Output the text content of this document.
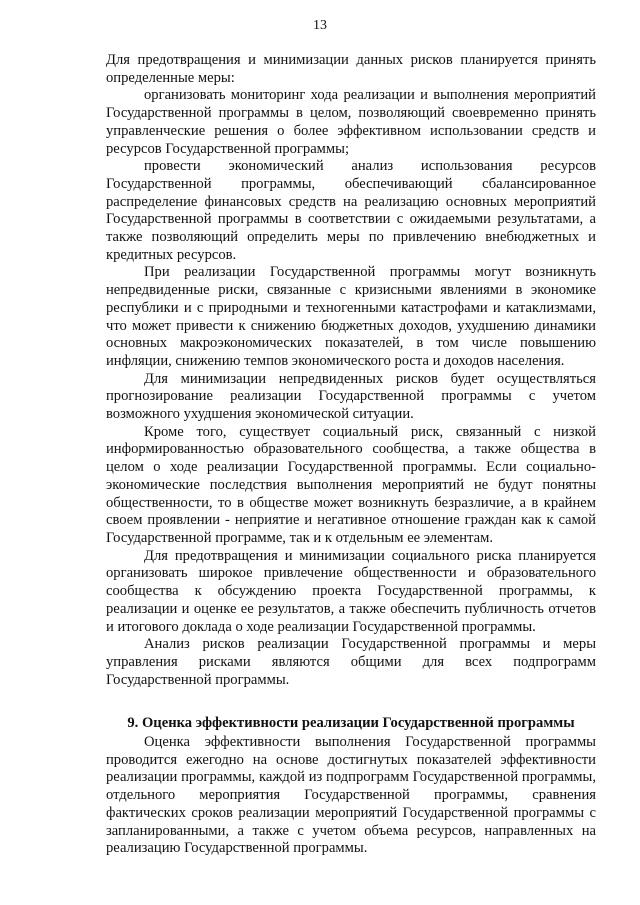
13

Для предотвращения и минимизации данных рисков планируется принять определенные меры:

организовать мониторинг хода реализации и выполнения мероприятий Государственной программы в целом, позволяющий своевременно принять управленческие решения о более эффективном использовании средств и ресурсов Государственной программы;

провести экономический анализ использования ресурсов Государственной программы, обеспечивающий сбалансированное распределение финансовых средств на реализацию основных мероприятий Государственной программы в соответствии с ожидаемыми результатами, а также позволяющий определить меры по привлечению внебюджетных и кредитных ресурсов.

При реализации Государственной программы могут возникнуть непредвиденные риски, связанные с кризисными явлениями в экономике республики и с природными и техногенными катастрофами и катаклизмами, что может привести к снижению бюджетных доходов, ухудшению динамики основных макроэкономических показателей, в том числе повышению инфляции, снижению темпов экономического роста и доходов населения.

Для минимизации непредвиденных рисков будет осуществляться прогнозирование реализации Государственной программы с учетом возможного ухудшения экономической ситуации.

Кроме того, существует социальный риск, связанный с низкой информированностью образовательного сообщества, а также общества в целом о ходе реализации Государственной программы. Если социально-экономические последствия выполнения мероприятий не будут понятны общественности, то в обществе может возникнуть безразличие, а в крайнем своем проявлении - неприятие и негативное отношение граждан как к самой Государственной программе, так и к отдельным ее элементам.

Для предотвращения и минимизации социального риска планируется организовать широкое привлечение общественности и образовательного сообщества к обсуждению проекта Государственной программы, к реализации и оценке ее результатов, а также обеспечить публичность отчетов и итогового доклада о ходе реализации Государственной программы.

Анализ рисков реализации Государственной программы и меры управления рисками являются общими для всех подпрограмм Государственной программы.

9. Оценка эффективности реализации Государственной программы

Оценка эффективности выполнения Государственной программы проводится ежегодно на основе достигнутых показателей эффективности реализации программы, каждой из подпрограмм Государственной программы, отдельного мероприятия Государственной программы, сравнения фактических сроков реализации мероприятий Государственной программы с запланированными, а также с учетом объема ресурсов, направленных на реализацию Государственной программы.
